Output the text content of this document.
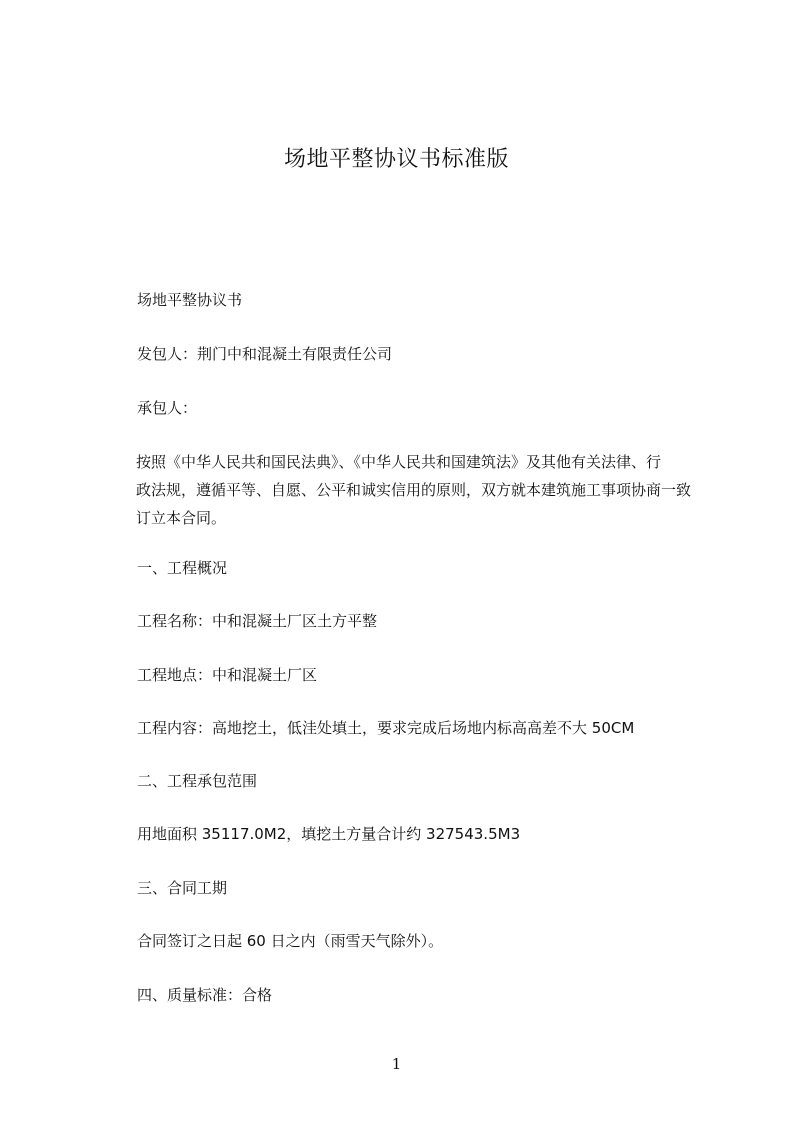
场地平整协议书标准版
场地平整协议书
发包人：荆门中和混凝土有限责任公司
承包人：
按照《中华人民共和国民法典》、《中华人民共和国建筑法》及其他有关法律、行
政法规，遵循平等、自愿、公平和诚实信用的原则，双方就本建筑施工事项协商一致
订立本合同。
一、工程概况
工程名称：中和混凝土厂区土方平整
工程地点：中和混凝土厂区
工程内容：高地挖土，低洼处填土，要求完成后场地内标高高差不大 50CM
二、工程承包范围
用地面积 35117.0M2，填挖土方量合计约 327543.5M3
三、合同工期
合同签订之日起 60 日之内（雨雪天气除外）。
四、质量标准：合格
1
